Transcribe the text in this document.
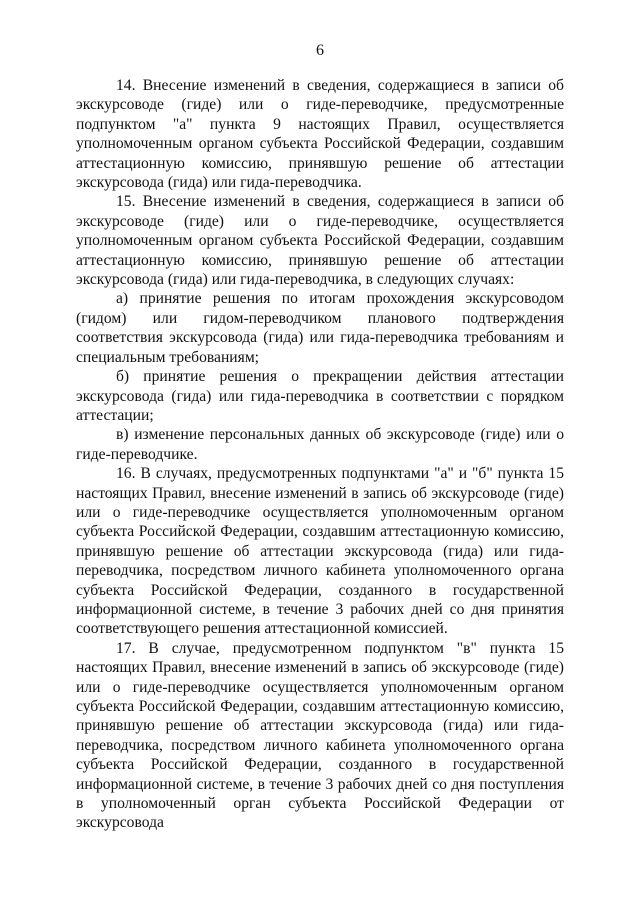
6

14. Внесение изменений в сведения, содержащиеся в записи об экскурсоводе (гиде) или о гиде-переводчике, предусмотренные подпунктом "а" пункта 9 настоящих Правил, осуществляется уполномоченным органом субъекта Российской Федерации, создавшим аттестационную комиссию, принявшую решение об аттестации экскурсовода (гида) или гида-переводчика.

15. Внесение изменений в сведения, содержащиеся в записи об экскурсоводе (гиде) или о гиде-переводчике, осуществляется уполномоченным органом субъекта Российской Федерации, создавшим аттестационную комиссию, принявшую решение об аттестации экскурсовода (гида) или гида-переводчика, в следующих случаях:

а) принятие решения по итогам прохождения экскурсоводом (гидом) или гидом-переводчиком планового подтверждения соответствия экскурсовода (гида) или гида-переводчика требованиям и специальным требованиям;

б) принятие решения о прекращении действия аттестации экскурсовода (гида) или гида-переводчика в соответствии с порядком аттестации;

в) изменение персональных данных об экскурсоводе (гиде) или о гиде-переводчике.

16. В случаях, предусмотренных подпунктами "а" и "б" пункта 15 настоящих Правил, внесение изменений в запись об экскурсоводе (гиде) или о гиде-переводчике осуществляется уполномоченным органом субъекта Российской Федерации, создавшим аттестационную комиссию, принявшую решение об аттестации экскурсовода (гида) или гида-переводчика, посредством личного кабинета уполномоченного органа субъекта Российской Федерации, созданного в государственной информационной системе, в течение 3 рабочих дней со дня принятия соответствующего решения аттестационной комиссией.

17. В случае, предусмотренном подпунктом "в" пункта 15 настоящих Правил, внесение изменений в запись об экскурсоводе (гиде) или о гиде-переводчике осуществляется уполномоченным органом субъекта Российской Федерации, создавшим аттестационную комиссию, принявшую решение об аттестации экскурсовода (гида) или гида-переводчика, посредством личного кабинета уполномоченного органа субъекта Российской Федерации, созданного в государственной информационной системе, в течение 3 рабочих дней со дня поступления в уполномоченный орган субъекта Российской Федерации от экскурсовода
